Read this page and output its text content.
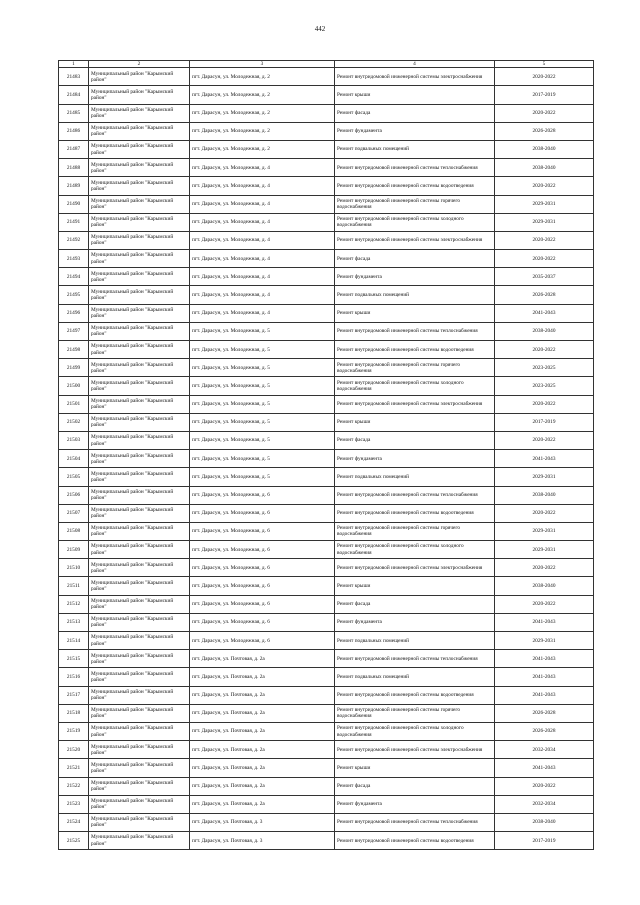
442
1	2	3	4	5
21483	Муниципальный район "Карымский район"	пгт. Дарасун, ул. Молодежная, д. 2	Ремонт внутридомовой инженерной системы электроснабжения	2020-2022
21484	Муниципальный район "Карымский район"	пгт. Дарасун, ул. Молодежная, д. 2	Ремонт крыши	2017-2019
21485	Муниципальный район "Карымский район"	пгт. Дарасун, ул. Молодежная, д. 2	Ремонт фасада	2020-2022
21486	Муниципальный район "Карымский район"	пгт. Дарасун, ул. Молодежная, д. 2	Ремонт фундамента	2026-2028
21487	Муниципальный район "Карымский район"	пгт. Дарасун, ул. Молодежная, д. 2	Ремонт подвальных помещений	2038-2040
21488	Муниципальный район "Карымский район"	пгт. Дарасун, ул. Молодежная, д. 4	Ремонт внутридомовой инженерной системы теплоснабжения	2038-2040
21489	Муниципальный район "Карымский район"	пгт. Дарасун, ул. Молодежная, д. 4	Ремонт внутридомовой инженерной системы водоотведения	2020-2022
21490	Муниципальный район "Карымский район"	пгт. Дарасун, ул. Молодежная, д. 4	Ремонт внутридомовой инженерной системы горячего водоснабжения	2029-2031
21491	Муниципальный район "Карымский район"	пгт. Дарасун, ул. Молодежная, д. 4	Ремонт внутридомовой инженерной системы холодного водоснабжения	2029-2031
21492	Муниципальный район "Карымский район"	пгт. Дарасун, ул. Молодежная, д. 4	Ремонт внутридомовой инженерной системы электроснабжения	2020-2022
21493	Муниципальный район "Карымский район"	пгт. Дарасун, ул. Молодежная, д. 4	Ремонт фасада	2020-2022
21494	Муниципальный район "Карымский район"	пгт. Дарасун, ул. Молодежная, д. 4	Ремонт фундамента	2035-2037
21495	Муниципальный район "Карымский район"	пгт. Дарасун, ул. Молодежная, д. 4	Ремонт подвальных помещений	2026-2028
21496	Муниципальный район "Карымский район"	пгт. Дарасун, ул. Молодежная, д. 4	Ремонт крыши	2041-2043
21497	Муниципальный район "Карымский район"	пгт. Дарасун, ул. Молодежная, д. 5	Ремонт внутридомовой инженерной системы теплоснабжения	2038-2040
21498	Муниципальный район "Карымский район"	пгт. Дарасун, ул. Молодежная, д. 5	Ремонт внутридомовой инженерной системы водоотведения	2020-2022
21499	Муниципальный район "Карымский район"	пгт. Дарасун, ул. Молодежная, д. 5	Ремонт внутридомовой инженерной системы горячего водоснабжения	2023-2025
21500	Муниципальный район "Карымский район"	пгт. Дарасун, ул. Молодежная, д. 5	Ремонт внутридомовой инженерной системы холодного водоснабжения	2023-2025
21501	Муниципальный район "Карымский район"	пгт. Дарасун, ул. Молодежная, д. 5	Ремонт внутридомовой инженерной системы электроснабжения	2020-2022
21502	Муниципальный район "Карымский район"	пгт. Дарасун, ул. Молодежная, д. 5	Ремонт крыши	2017-2019
21503	Муниципальный район "Карымский район"	пгт. Дарасун, ул. Молодежная, д. 5	Ремонт фасада	2020-2022
21504	Муниципальный район "Карымский район"	пгт. Дарасун, ул. Молодежная, д. 5	Ремонт фундамента	2041-2043
21505	Муниципальный район "Карымский район"	пгт. Дарасун, ул. Молодежная, д. 5	Ремонт подвальных помещений	2029-2031
21506	Муниципальный район "Карымский район"	пгт. Дарасун, ул. Молодежная, д. 6	Ремонт внутридомовой инженерной системы теплоснабжения	2038-2040
21507	Муниципальный район "Карымский район"	пгт. Дарасун, ул. Молодежная, д. 6	Ремонт внутридомовой инженерной системы водоотведения	2020-2022
21508	Муниципальный район "Карымский район"	пгт. Дарасун, ул. Молодежная, д. 6	Ремонт внутридомовой инженерной системы горячего водоснабжения	2029-2031
21509	Муниципальный район "Карымский район"	пгт. Дарасун, ул. Молодежная, д. 6	Ремонт внутридомовой инженерной системы холодного водоснабжения	2029-2031
21510	Муниципальный район "Карымский район"	пгт. Дарасун, ул. Молодежная, д. 6	Ремонт внутридомовой инженерной системы электроснабжения	2020-2022
21511	Муниципальный район "Карымский район"	пгт. Дарасун, ул. Молодежная, д. 6	Ремонт крыши	2038-2040
21512	Муниципальный район "Карымский район"	пгт. Дарасун, ул. Молодежная, д. 6	Ремонт фасада	2020-2022
21513	Муниципальный район "Карымский район"	пгт. Дарасун, ул. Молодежная, д. 6	Ремонт фундамента	2041-2043
21514	Муниципальный район "Карымский район"	пгт. Дарасун, ул. Молодежная, д. 6	Ремонт подвальных помещений	2029-2031
21515	Муниципальный район "Карымский район"	пгт. Дарасун, ул. Почтовая, д. 2а	Ремонт внутридомовой инженерной системы теплоснабжения	2041-2043
21516	Муниципальный район "Карымский район"	пгт. Дарасун, ул. Почтовая, д. 2а	Ремонт подвальных помещений	2041-2043
21517	Муниципальный район "Карымский район"	пгт. Дарасун, ул. Почтовая, д. 2а	Ремонт внутридомовой инженерной системы водоотведения	2041-2043
21518	Муниципальный район "Карымский район"	пгт. Дарасун, ул. Почтовая, д. 2а	Ремонт внутридомовой инженерной системы горячего водоснабжения	2026-2028
21519	Муниципальный район "Карымский район"	пгт. Дарасун, ул. Почтовая, д. 2а	Ремонт внутридомовой инженерной системы холодного водоснабжения	2026-2028
21520	Муниципальный район "Карымский район"	пгт. Дарасун, ул. Почтовая, д. 2а	Ремонт внутридомовой инженерной системы электроснабжения	2032-2034
21521	Муниципальный район "Карымский район"	пгт. Дарасун, ул. Почтовая, д. 2а	Ремонт крыши	2041-2043
21522	Муниципальный район "Карымский район"	пгт. Дарасун, ул. Почтовая, д. 2а	Ремонт фасада	2020-2022
21523	Муниципальный район "Карымский район"	пгт. Дарасун, ул. Почтовая, д. 2а	Ремонт фундамента	2032-2034
21524	Муниципальный район "Карымский район"	пгт. Дарасун, ул. Почтовая, д. 3	Ремонт внутридомовой инженерной системы теплоснабжения	2038-2040
21525	Муниципальный район "Карымский район"	пгт. Дарасун, ул. Почтовая, д. 3	Ремонт внутридомовой инженерной системы водоотведения	2017-2019
